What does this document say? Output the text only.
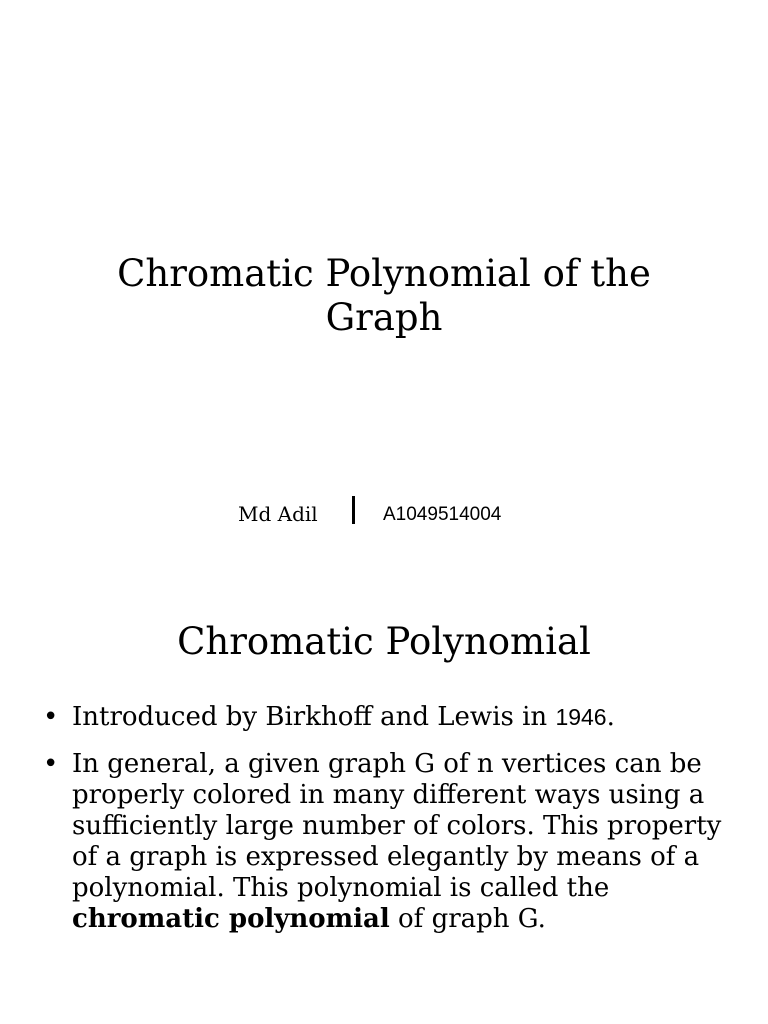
Chromatic Polynomial of the
Graph
Md Adil	A1049514004
Chromatic Polynomial
• Introduced by Birkhoff and Lewis in 1946.
• In general, a given graph G of n vertices can be properly colored in many different ways using a sufficiently large number of colors. This property of a graph is expressed elegantly by means of a polynomial. This polynomial is called the chromatic polynomial of graph G.
